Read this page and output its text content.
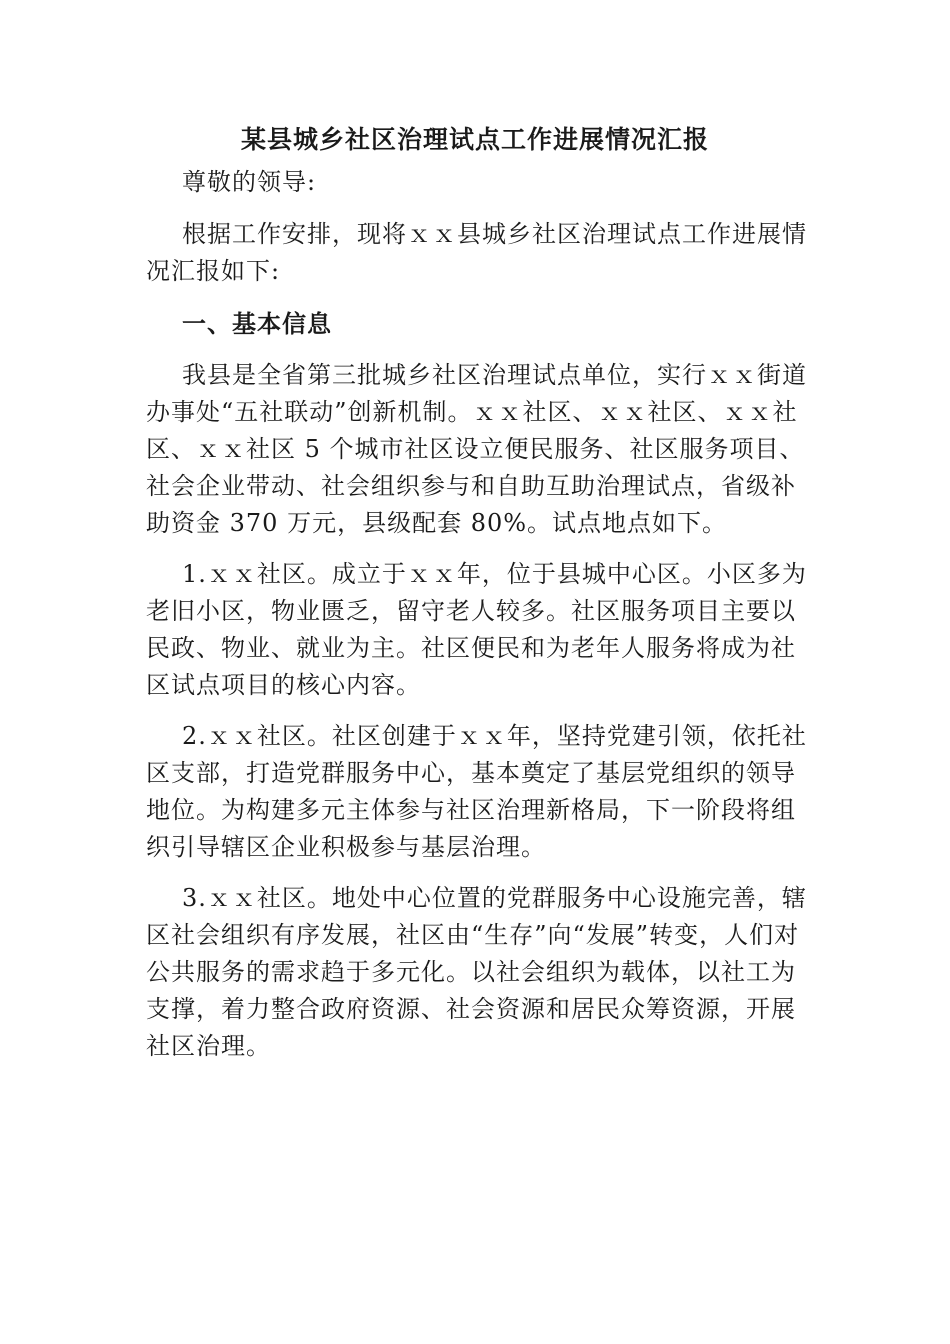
某县城乡社区治理试点工作进展情况汇报

尊敬的领导:

根据工作安排，现将ｘｘ县城乡社区治理试点工作进展情况汇报如下:

一、基本信息

我县是全省第三批城乡社区治理试点单位，实行ｘｘ街道办事处“五社联动”创新机制。ｘｘ社区、ｘｘ社区、ｘｘ社区、ｘｘ社区 5 个城市社区设立便民服务、社区服务项目、社会企业带动、社会组织参与和自助互助治理试点，省级补助资金 370 万元，县级配套 80%。试点地点如下。

1.ｘｘ社区。成立于ｘｘ年，位于县城中心区。小区多为老旧小区，物业匮乏，留守老人较多。社区服务项目主要以民政、物业、就业为主。社区便民和为老年人服务将成为社区试点项目的核心内容。

2.ｘｘ社区。社区创建于ｘｘ年，坚持党建引领，依托社区支部，打造党群服务中心，基本奠定了基层党组织的领导地位。为构建多元主体参与社区治理新格局，下一阶段将组织引导辖区企业积极参与基层治理。

3.ｘｘ社区。地处中心位置的党群服务中心设施完善，辖区社会组织有序发展，社区由“生存”向“发展”转变，人们对公共服务的需求趋于多元化。以社会组织为载体，以社工为支撑，着力整合政府资源、社会资源和居民众筹资源，开展社区治理。
